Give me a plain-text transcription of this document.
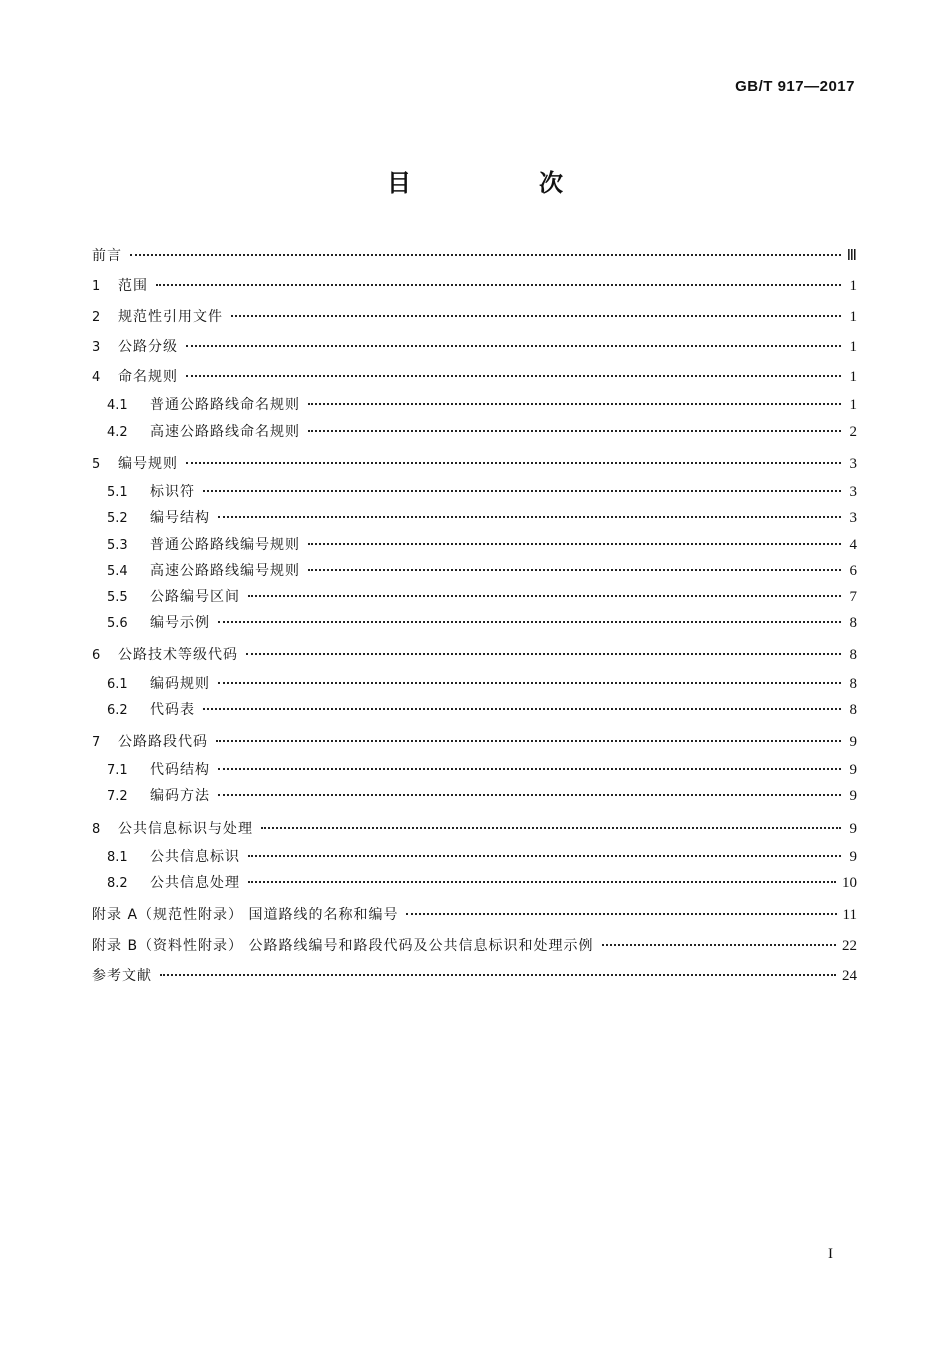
GB/T 917—2017
目　次
前言	Ⅲ
1	范围	1
2	规范性引用文件	1
3	公路分级	1
4	命名规则	1
4.1	普通公路路线命名规则	1
4.2	高速公路路线命名规则	2
5	编号规则	3
5.1	标识符	3
5.2	编号结构	3
5.3	普通公路路线编号规则	4
5.4	高速公路路线编号规则	6
5.5	公路编号区间	7
5.6	编号示例	8
6	公路技术等级代码	8
6.1	编码规则	8
6.2	代码表	8
7	公路路段代码	9
7.1	代码结构	9
7.2	编码方法	9
8	公共信息标识与处理	9
8.1	公共信息标识	9
8.2	公共信息处理	10
附录 A（规范性附录） 国道路线的名称和编号	11
附录 B（资料性附录） 公路路线编号和路段代码及公共信息标识和处理示例	22
参考文献	24
I
